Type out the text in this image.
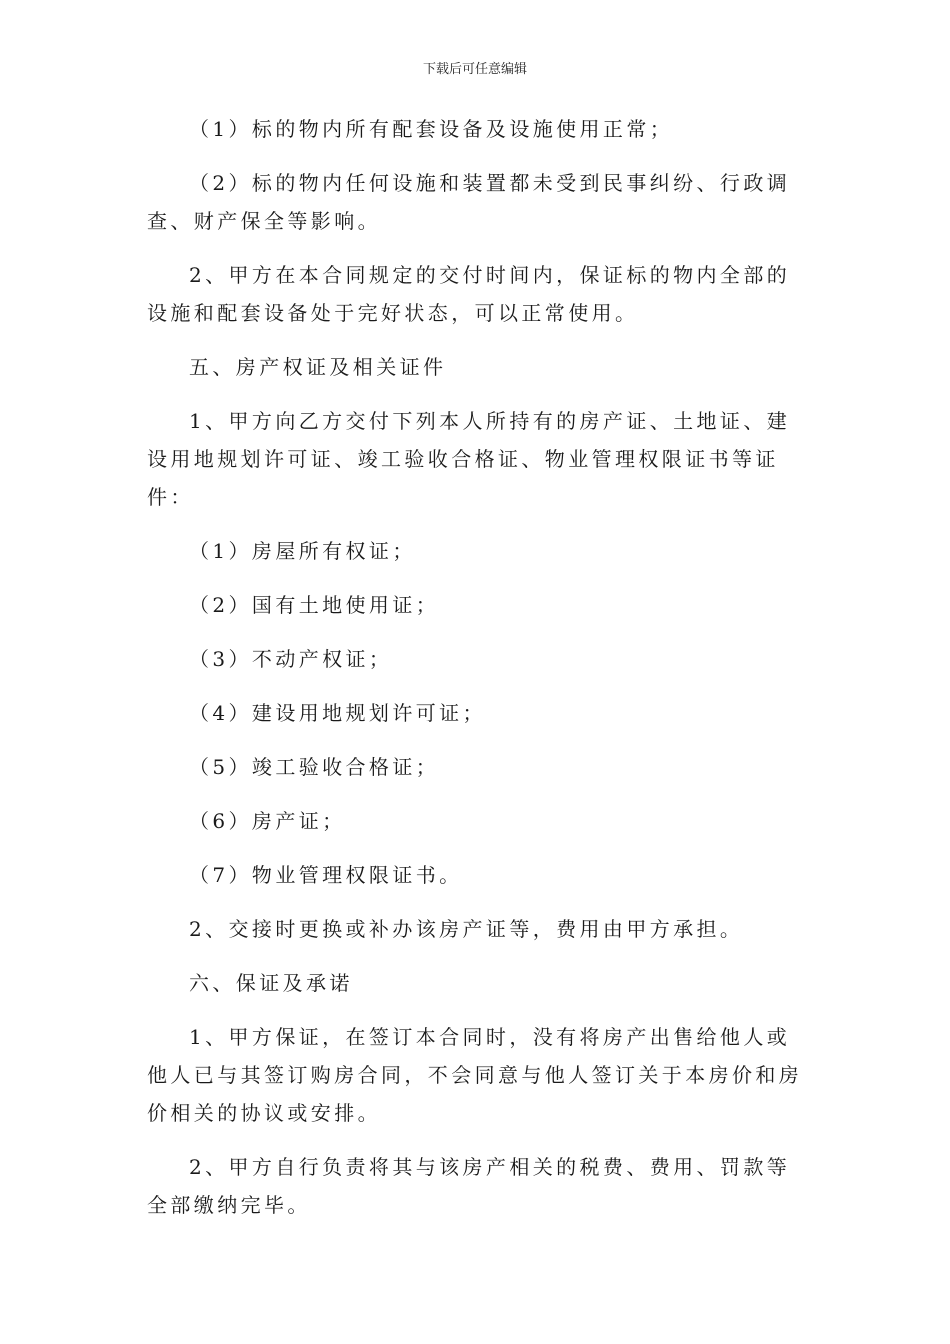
下载后可任意编辑

（1）标的物内所有配套设备及设施使用正常；

（2）标的物内任何设施和装置都未受到民事纠纷、行政调查、财产保全等影响。

2、甲方在本合同规定的交付时间内，保证标的物内全部的设施和配套设备处于完好状态，可以正常使用。

五、房产权证及相关证件

1、甲方向乙方交付下列本人所持有的房产证、土地证、建设用地规划许可证、竣工验收合格证、物业管理权限证书等证件：

（1）房屋所有权证；

（2）国有土地使用证；

（3）不动产权证；

（4）建设用地规划许可证；

（5）竣工验收合格证；

（6）房产证；

（7）物业管理权限证书。

2、交接时更换或补办该房产证等，费用由甲方承担。

六、保证及承诺

1、甲方保证，在签订本合同时，没有将房产出售给他人或他人已与其签订购房合同，不会同意与他人签订关于本房价和房价相关的协议或安排。

2、甲方自行负责将其与该房产相关的税费、费用、罚款等全部缴纳完毕。
